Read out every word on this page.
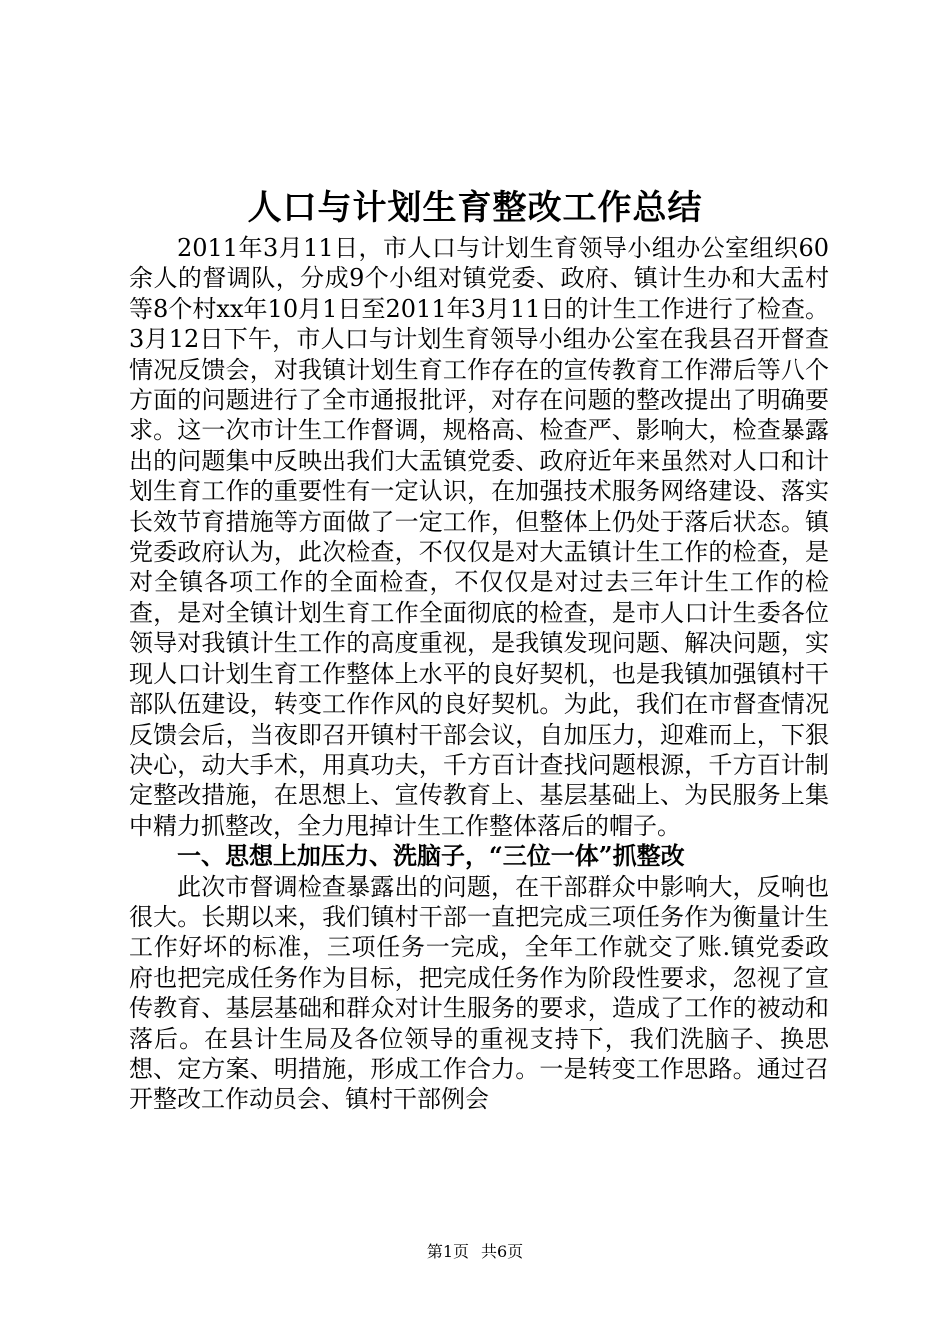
人口与计划生育整改工作总结

2011年3月11日，市人口与计划生育领导小组办公室组织60余人的督调队，分成9个小组对镇党委、政府、镇计生办和大盂村等8个村xx年10月1日至2011年3月11日的计生工作进行了检查。3月12日下午，市人口与计划生育领导小组办公室在我县召开督查情况反馈会，对我镇计划生育工作存在的宣传教育工作滞后等八个方面的问题进行了全市通报批评，对存在问题的整改提出了明确要求。这一次市计生工作督调，规格高、检查严、影响大，检查暴露出的问题集中反映出我们大盂镇党委、政府近年来虽然对人口和计划生育工作的重要性有一定认识，在加强技术服务网络建设、落实长效节育措施等方面做了一定工作，但整体上仍处于落后状态。镇党委政府认为，此次检查，不仅仅是对大盂镇计生工作的检查，是对全镇各项工作的全面检查，不仅仅是对过去三年计生工作的检查，是对全镇计划生育工作全面彻底的检查，是市人口计生委各位领导对我镇计生工作的高度重视，是我镇发现问题、解决问题，实现人口计划生育工作整体上水平的良好契机，也是我镇加强镇村干部队伍建设，转变工作作风的良好契机。为此，我们在市督查情况反馈会后，当夜即召开镇村干部会议，自加压力，迎难而上，下狠决心，动大手术，用真功夫，千方百计查找问题根源，千方百计制定整改措施，在思想上、宣传教育上、基层基础上、为民服务上集中精力抓整改，全力甩掉计生工作整体落后的帽子。

一、思想上加压力、洗脑子，“三位一体”抓整改

此次市督调检查暴露出的问题，在干部群众中影响大，反响也很大。长期以来，我们镇村干部一直把完成三项任务作为衡量计生工作好坏的标准，三项任务一完成，全年工作就交了账.镇党委政府也把完成任务作为目标，把完成任务作为阶段性要求，忽视了宣传教育、基层基础和群众对计生服务的要求，造成了工作的被动和落后。在县计生局及各位领导的重视支持下，我们洗脑子、换思想、定方案、明措施，形成工作合力。一是转变工作思路。通过召开整改工作动员会、镇村干部例会

第1页 共6页
